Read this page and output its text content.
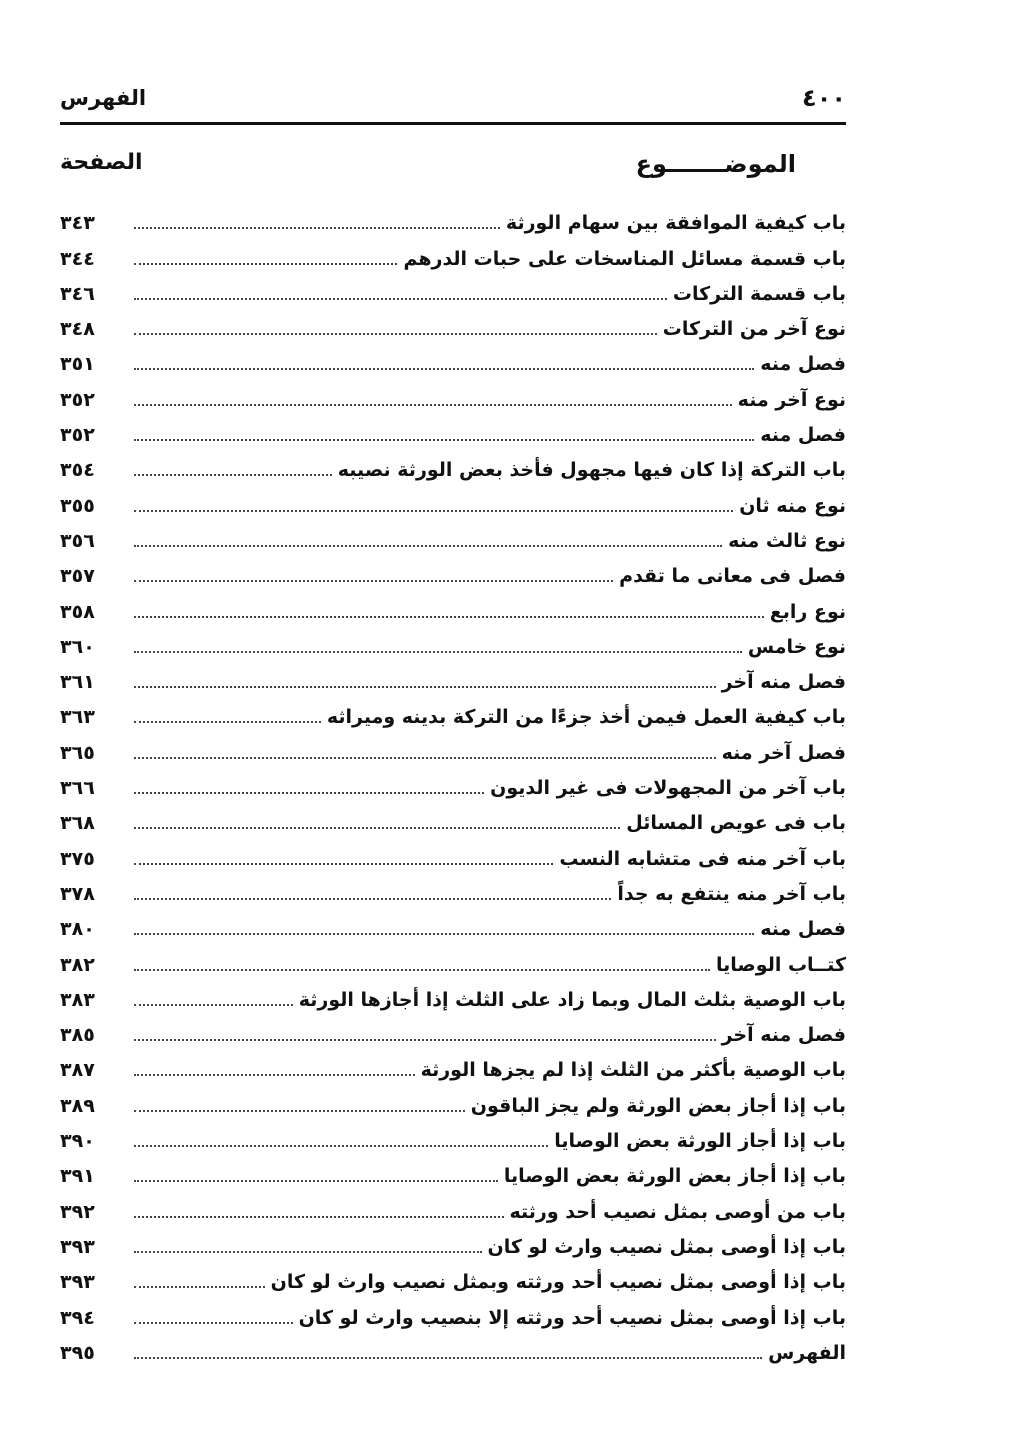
٤٠٠
الفهرس
الموضـــــــوع
الصفحة
باب كيفية الموافقة بين سهام الورثة
٣٤٣
باب قسمة مسائل المناسخات على حبات الدرهم
٣٤٤
باب قسمة التركات
٣٤٦
نوع آخر من التركات
٣٤٨
فصل منه
٣٥١
نوع آخر منه
٣٥٢
فصل منه
٣٥٢
باب التركة إذا كان فيها مجهول فأخذ بعض الورثة نصيبه
٣٥٤
نوع منه ثان
٣٥٥
نوع ثالث منه
٣٥٦
فصل فى معانى ما تقدم
٣٥٧
نوع رابع
٣٥٨
نوع خامس
٣٦٠
فصل منه آخر
٣٦١
باب كيفية العمل فيمن أخذ جزءًا من التركة بدينه وميراثه
٣٦٣
فصل آخر منه
٣٦٥
باب آخر من المجهولات فى غير الديون
٣٦٦
باب فى عويص المسائل
٣٦٨
باب آخر منه فى متشابه النسب
٣٧٥
باب آخر منه ينتفع به جداً
٣٧٨
فصل منه
٣٨٠
كتــاب الوصايا
٣٨٢
باب الوصية بثلث المال وبما زاد على الثلث إذا أجازها الورثة
٣٨٣
فصل منه آخر
٣٨٥
باب الوصية بأكثر من الثلث إذا لم يجزها الورثة
٣٨٧
باب إذا أجاز بعض الورثة ولم يجز الباقون
٣٨٩
باب إذا أجاز الورثة بعض الوصايا
٣٩٠
باب إذا أجاز بعض الورثة بعض الوصايا
٣٩١
باب من أوصى بمثل نصيب أحد ورثته
٣٩٢
باب إذا أوصى بمثل نصيب وارث لو كان
٣٩٣
باب إذا أوصى بمثل نصيب أحد ورثته وبمثل نصيب وارث لو كان
٣٩٣
باب إذا أوصى بمثل نصيب أحد ورثته إلا بنصيب وارث لو كان
٣٩٤
الفهرس
٣٩٥
